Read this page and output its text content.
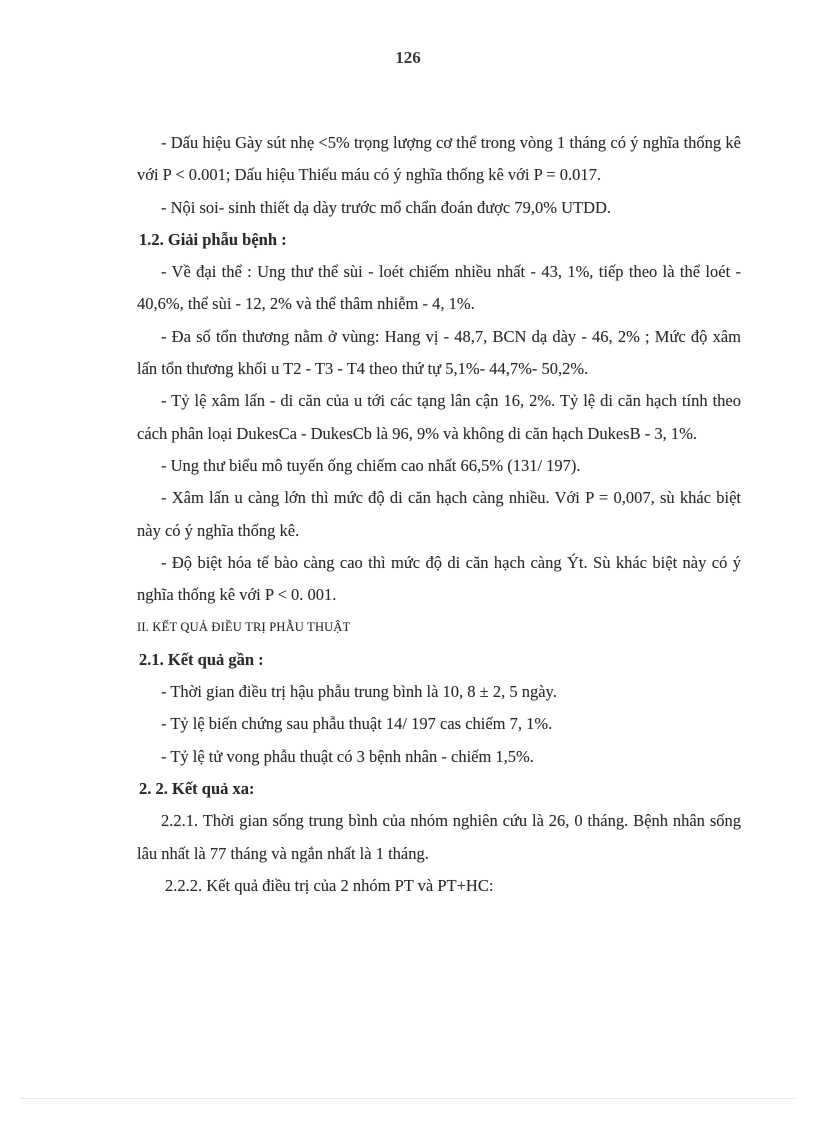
126

- Dấu hiệu Gày sút nhẹ <5% trọng lượng cơ thể trong vòng 1 tháng có ý nghĩa thống kê với P < 0.001; Dấu hiệu Thiếu máu có ý nghĩa thống kê với P = 0.017.

- Nội soi- sinh thiết dạ dày trước mổ chẩn đoán được 79,0% UTDD.

1.2. Giải phẫu bệnh :

- Về đại thể : Ung thư thể sùi - loét chiếm nhiều nhất - 43, 1%, tiếp theo là thể loét - 40,6%, thể sùi - 12, 2% và thể thâm nhiễm - 4, 1%.

- Đa số tổn thương nằm ở vùng: Hang vị - 48,7, BCN dạ dày - 46, 2% ; Mức độ xâm lấn tổn thương khối u T2 - T3 - T4 theo thứ tự 5,1%- 44,7%- 50,2%.

- Tỷ lệ xâm lấn - di căn của u tới các tạng lân cận 16, 2%. Tỷ lệ di căn hạch tính theo cách phân loại DukesCa - DukesCb là 96, 9% và không di căn hạch DukesB - 3, 1%.

- Ung thư biểu mô tuyến ống chiếm cao nhất 66,5% (131/ 197).

- Xâm lấn u càng lớn thì mức độ di căn hạch càng nhiều. Với P = 0,007, sù khác biệt này có ý nghĩa thống kê.

- Độ biệt hóa tế bào càng cao thì mức độ di căn hạch càng Ýt. Sù khác biệt này có ý nghĩa thống kê với P < 0. 001.

II. KẾT QUẢ ĐIỀU TRỊ PHẪU THUẬT

2.1. Kết quả gần :

- Thời gian điều trị hậu phẫu trung bình là 10, 8 ± 2, 5 ngày.

- Tỷ lệ biến chứng sau phẫu thuật 14/ 197 cas chiếm 7, 1%.

- Tỷ lệ tử vong phẫu thuật có 3 bệnh nhân - chiếm 1,5%.

2. 2. Kết quả xa:

2.2.1. Thời gian sống trung bình của nhóm nghiên cứu là 26, 0 tháng. Bệnh nhân sống lâu nhất là 77 tháng và ngắn nhất là 1 tháng.

2.2.2. Kết quả điều trị của 2 nhóm PT và PT+HC:
